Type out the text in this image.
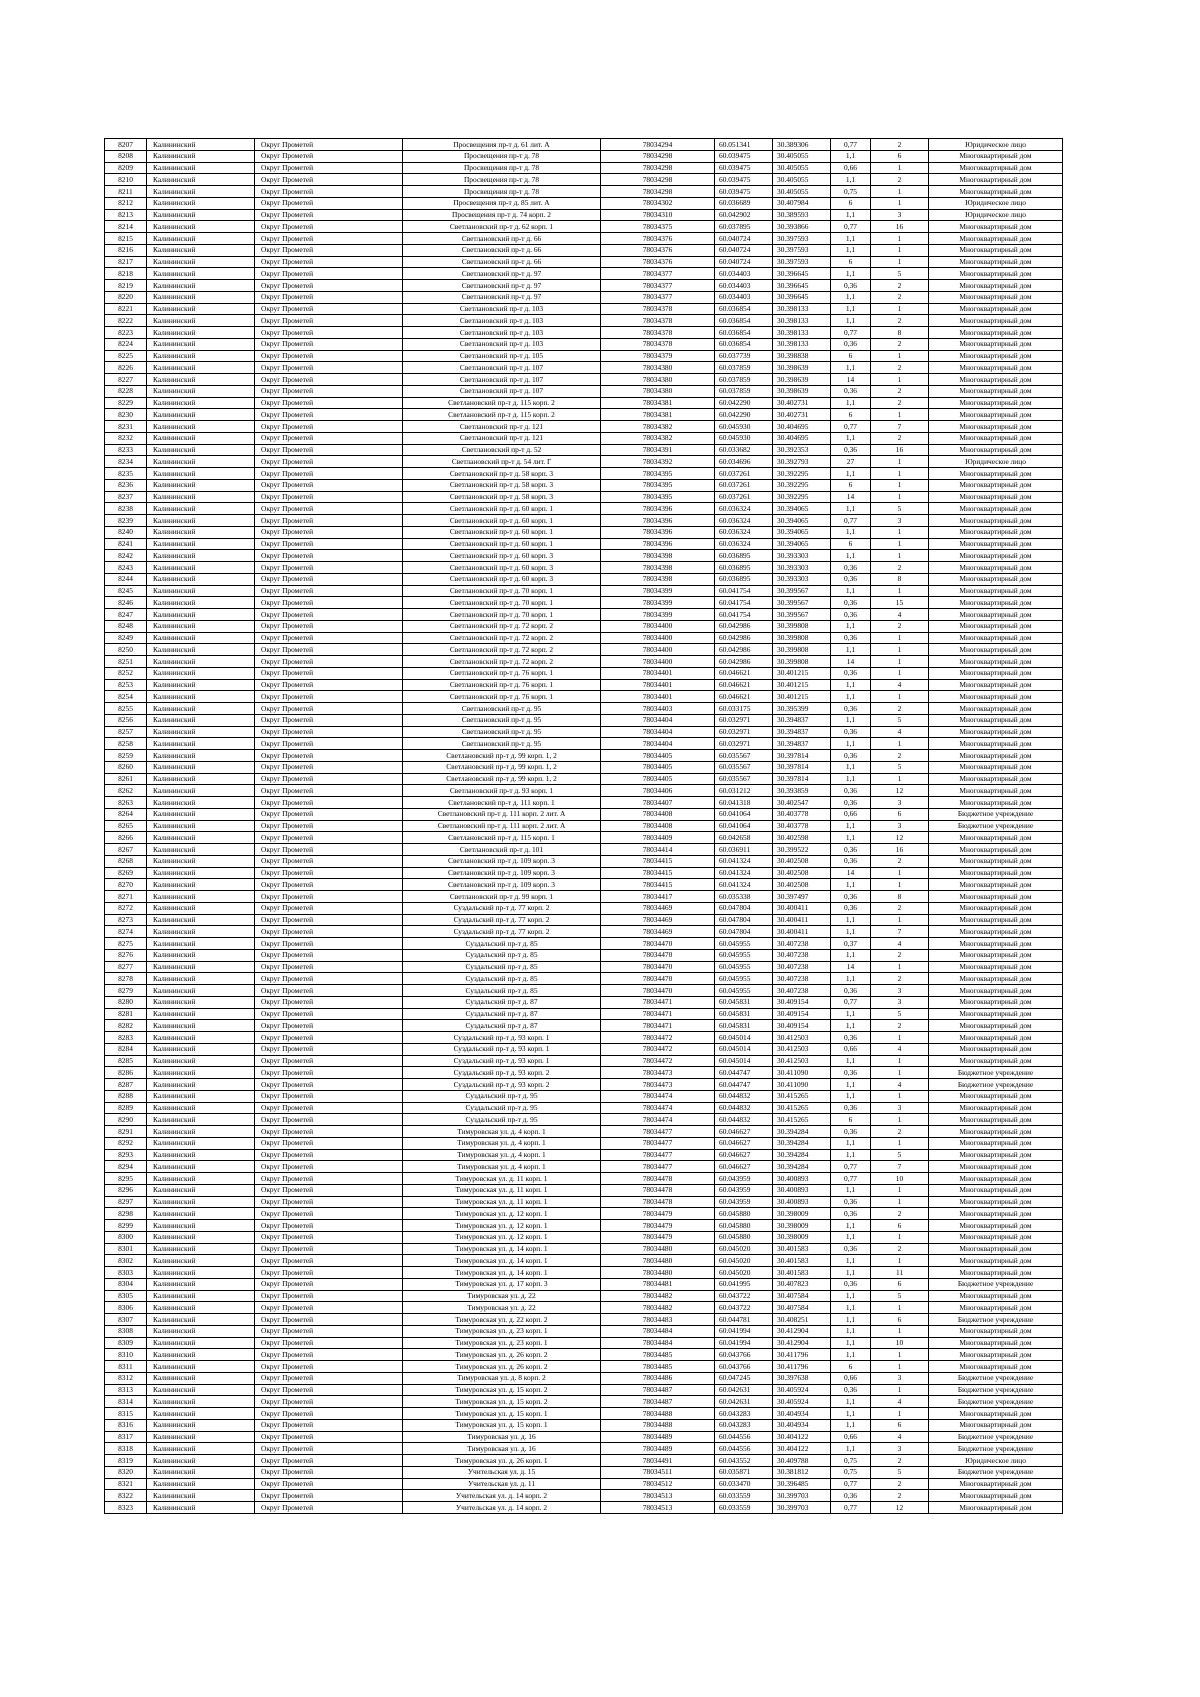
8207	Калининский	Округ Прометей	Просвещения пр-т д. 61 лит. А	78034294	60.051341	30.389306	0,77	2	Юридическое лицо
8208	Калининский	Округ Прометей	Просвещения пр-т д. 78	78034298	60.039475	30.405055	1,1	6	Многоквартирный дом
8209	Калининский	Округ Прометей	Просвещения пр-т д. 78	78034298	60.039475	30.405055	0,66	1	Многоквартирный дом
8210	Калининский	Округ Прометей	Просвещения пр-т д. 78	78034298	60.039475	30.405055	1,1	2	Многоквартирный дом
8211	Калининский	Округ Прометей	Просвещения пр-т д. 78	78034298	60.039475	30.405055	0,75	1	Многоквартирный дом
8212	Калининский	Округ Прометей	Просвещения пр-т д. 85 лит. А	78034302	60.036689	30.407984	6	1	Юридическое лицо
8213	Калининский	Округ Прометей	Просвещения пр-т д. 74 корп. 2	78034310	60.042902	30.389593	1,1	3	Юридическое лицо
8214	Калининский	Округ Прометей	Светлановский пр-т д. 62 корп. 1	78034375	60.037895	30.393866	0,77	16	Многоквартирный дом
8215	Калининский	Округ Прометей	Светлановский пр-т д. 66	78034376	60.040724	30.397593	1,1	1	Многоквартирный дом
8216	Калининский	Округ Прометей	Светлановский пр-т д. 66	78034376	60.040724	30.397593	1,1	1	Многоквартирный дом
8217	Калининский	Округ Прометей	Светлановский пр-т д. 66	78034376	60.040724	30.397593	6	1	Многоквартирный дом
8218	Калининский	Округ Прометей	Светлановский пр-т д. 97	78034377	60.034403	30.396645	1,1	5	Многоквартирный дом
8219	Калининский	Округ Прометей	Светлановский пр-т д. 97	78034377	60.034403	30.396645	0,36	2	Многоквартирный дом
8220	Калининский	Округ Прометей	Светлановский пр-т д. 97	78034377	60.034403	30.396645	1,1	2	Многоквартирный дом
8221	Калининский	Округ Прометей	Светлановский пр-т д. 103	78034378	60.036854	30.398133	1,1	1	Многоквартирный дом
8222	Калининский	Округ Прометей	Светлановский пр-т д. 103	78034378	60.036854	30.398133	1,1	2	Многоквартирный дом
8223	Калининский	Округ Прометей	Светлановский пр-т д. 103	78034378	60.036854	30.398133	0,77	8	Многоквартирный дом
8224	Калининский	Округ Прометей	Светлановский пр-т д. 103	78034378	60.036854	30.398133	0,36	2	Многоквартирный дом
8225	Калининский	Округ Прометей	Светлановский пр-т д. 105	78034379	60.037739	30.398838	6	1	Многоквартирный дом
8226	Калининский	Округ Прометей	Светлановский пр-т д. 107	78034380	60.037859	30.398639	1,1	2	Многоквартирный дом
8227	Калининский	Округ Прометей	Светлановский пр-т д. 107	78034380	60.037859	30.398639	14	1	Многоквартирный дом
8228	Калининский	Округ Прометей	Светлановский пр-т д. 107	78034380	60.037859	30.398639	0,36	2	Многоквартирный дом
8229	Калининский	Округ Прометей	Светлановский пр-т д. 115 корп. 2	78034381	60.042290	30.402731	1,1	2	Многоквартирный дом
8230	Калининский	Округ Прометей	Светлановский пр-т д. 115 корп. 2	78034381	60.042290	30.402731	6	1	Многоквартирный дом
8231	Калининский	Округ Прометей	Светлановский пр-т д. 121	78034382	60.045930	30.404695	0,77	7	Многоквартирный дом
8232	Калининский	Округ Прометей	Светлановский пр-т д. 121	78034382	60.045930	30.404695	1,1	2	Многоквартирный дом
8233	Калининский	Округ Прометей	Светлановский пр-т д. 52	78034391	60.033682	30.392353	0,36	16	Многоквартирный дом
8234	Калининский	Округ Прометей	Светлановский пр-т д. 54 лит. Г	78034392	60.034696	30.392793	27	1	Юридическое лицо
8235	Калининский	Округ Прометей	Светлановский пр-т д. 58 корп. 3	78034395	60.037261	30.392295	1,1	1	Многоквартирный дом
8236	Калининский	Округ Прометей	Светлановский пр-т д. 58 корп. 3	78034395	60.037261	30.392295	6	1	Многоквартирный дом
8237	Калининский	Округ Прометей	Светлановский пр-т д. 58 корп. 3	78034395	60.037261	30.392295	14	1	Многоквартирный дом
8238	Калининский	Округ Прометей	Светлановский пр-т д. 60 корп. 1	78034396	60.036324	30.394065	1,1	5	Многоквартирный дом
8239	Калининский	Округ Прометей	Светлановский пр-т д. 60 корп. 1	78034396	60.036324	30.394065	0,77	3	Многоквартирный дом
8240	Калининский	Округ Прометей	Светлановский пр-т д. 60 корп. 1	78034396	60.036324	30.394065	1,1	1	Многоквартирный дом
8241	Калининский	Округ Прометей	Светлановский пр-т д. 60 корп. 1	78034396	60.036324	30.394065	6	1	Многоквартирный дом
8242	Калининский	Округ Прометей	Светлановский пр-т д. 60 корп. 3	78034398	60.036895	30.393303	1,1	1	Многоквартирный дом
8243	Калининский	Округ Прометей	Светлановский пр-т д. 60 корп. 3	78034398	60.036895	30.393303	0,36	2	Многоквартирный дом
8244	Калининский	Округ Прометей	Светлановский пр-т д. 60 корп. 3	78034398	60.036895	30.393303	0,36	8	Многоквартирный дом
8245	Калининский	Округ Прометей	Светлановский пр-т д. 70 корп. 1	78034399	60.041754	30.399567	1,1	1	Многоквартирный дом
8246	Калининский	Округ Прометей	Светлановский пр-т д. 70 корп. 1	78034399	60.041754	30.399567	0,36	15	Многоквартирный дом
8247	Калининский	Округ Прометей	Светлановский пр-т д. 70 корп. 1	78034399	60.041754	30.399567	0,36	4	Многоквартирный дом
8248	Калининский	Округ Прометей	Светлановский пр-т д. 72 корп. 2	78034400	60.042986	30.399808	1,1	2	Многоквартирный дом
8249	Калининский	Округ Прометей	Светлановский пр-т д. 72 корп. 2	78034400	60.042986	30.399808	0,36	1	Многоквартирный дом
8250	Калининский	Округ Прометей	Светлановский пр-т д. 72 корп. 2	78034400	60.042986	30.399808	1,1	1	Многоквартирный дом
8251	Калининский	Округ Прометей	Светлановский пр-т д. 72 корп. 2	78034400	60.042986	30.399808	14	1	Многоквартирный дом
8252	Калининский	Округ Прометей	Светлановский пр-т д. 76 корп. 1	78034401	60.046621	30.401215	0,36	1	Многоквартирный дом
8253	Калининский	Округ Прометей	Светлановский пр-т д. 76 корп. 1	78034401	60.046621	30.401215	1,1	4	Многоквартирный дом
8254	Калининский	Округ Прометей	Светлановский пр-т д. 76 корп. 1	78034401	60.046621	30.401215	1,1	1	Многоквартирный дом
8255	Калининский	Округ Прометей	Светлановский пр-т д. 95	78034403	60.033175	30.395399	0,36	2	Многоквартирный дом
8256	Калининский	Округ Прометей	Светлановский пр-т д. 95	78034404	60.032971	30.394837	1,1	5	Многоквартирный дом
8257	Калининский	Округ Прометей	Светлановский пр-т д. 95	78034404	60.032971	30.394837	0,36	4	Многоквартирный дом
8258	Калининский	Округ Прометей	Светлановский пр-т д. 95	78034404	60.032971	30.394837	1,1	1	Многоквартирный дом
8259	Калининский	Округ Прометей	Светлановский пр-т д. 99 корп. 1, 2	78034405	60.035567	30.397814	0,36	2	Многоквартирный дом
8260	Калининский	Округ Прометей	Светлановский пр-т д. 99 корп. 1, 2	78034405	60.035567	30.397814	1,1	5	Многоквартирный дом
8261	Калининский	Округ Прометей	Светлановский пр-т д. 99 корп. 1, 2	78034405	60.035567	30.397814	1,1	1	Многоквартирный дом
8262	Калининский	Округ Прометей	Светлановский пр-т д. 93 корп. 1	78034406	60.031212	30.393859	0,36	12	Многоквартирный дом
8263	Калининский	Округ Прометей	Светлановский пр-т д. 111 корп. 1	78034407	60.041318	30.402547	0,36	3	Многоквартирный дом
8264	Калининский	Округ Прометей	Светлановский пр-т д. 111 корп. 2 лит. А	78034408	60.041064	30.403778	0,66	6	Бюджетное учреждение
8265	Калининский	Округ Прометей	Светлановский пр-т д. 111 корп. 2 лит. А	78034408	60.041064	30.403778	1,1	3	Бюджетное учреждение
8266	Калининский	Округ Прометей	Светлановский пр-т д. 115 корп. 1	78034409	60.042658	30.402598	1,1	12	Многоквартирный дом
8267	Калининский	Округ Прометей	Светлановский пр-т д. 101	78034414	60.036911	30.399522	0,36	16	Многоквартирный дом
8268	Калининский	Округ Прометей	Светлановский пр-т д. 109 корп. 3	78034415	60.041324	30.402508	0,36	2	Многоквартирный дом
8269	Калининский	Округ Прометей	Светлановский пр-т д. 109 корп. 3	78034415	60.041324	30.402508	14	1	Многоквартирный дом
8270	Калининский	Округ Прометей	Светлановский пр-т д. 109 корп. 3	78034415	60.041324	30.402508	1,1	1	Многоквартирный дом
8271	Калининский	Округ Прометей	Светлановский пр-т д. 99 корп. 1	78034417	60.035338	30.397497	0,36	8	Многоквартирный дом
8272	Калининский	Округ Прометей	Суздальский пр-т д. 77 корп. 2	78034469	60.047804	30.400411	0,36	2	Многоквартирный дом
8273	Калининский	Округ Прометей	Суздальский пр-т д. 77 корп. 2	78034469	60.047804	30.400411	1,1	1	Многоквартирный дом
8274	Калининский	Округ Прометей	Суздальский пр-т д. 77 корп. 2	78034469	60.047804	30.400411	1,1	7	Многоквартирный дом
8275	Калининский	Округ Прометей	Суздальский пр-т д. 85	78034470	60.045955	30.407238	0,37	4	Многоквартирный дом
8276	Калининский	Округ Прометей	Суздальский пр-т д. 85	78034470	60.045955	30.407238	1,1	2	Многоквартирный дом
8277	Калининский	Округ Прометей	Суздальский пр-т д. 85	78034470	60.045955	30.407238	14	1	Многоквартирный дом
8278	Калининский	Округ Прометей	Суздальский пр-т д. 85	78034470	60.045955	30.407238	1,1	2	Многоквартирный дом
8279	Калининский	Округ Прометей	Суздальский пр-т д. 85	78034470	60.045955	30.407238	0,36	3	Многоквартирный дом
8280	Калининский	Округ Прометей	Суздальский пр-т д. 87	78034471	60.045831	30.409154	0,77	3	Многоквартирный дом
8281	Калининский	Округ Прометей	Суздальский пр-т д. 87	78034471	60.045831	30.409154	1,1	5	Многоквартирный дом
8282	Калининский	Округ Прометей	Суздальский пр-т д. 87	78034471	60.045831	30.409154	1,1	2	Многоквартирный дом
8283	Калининский	Округ Прометей	Суздальский пр-т д. 93 корп. 1	78034472	60.045014	30.412503	0,36	1	Многоквартирный дом
8284	Калининский	Округ Прометей	Суздальский пр-т д. 93 корп. 1	78034472	60.045014	30.412503	0,66	4	Многоквартирный дом
8285	Калининский	Округ Прометей	Суздальский пр-т д. 93 корп. 1	78034472	60.045014	30.412503	1,1	1	Многоквартирный дом
8286	Калининский	Округ Прометей	Суздальский пр-т д. 93 корп. 2	78034473	60.044747	30.411090	0,36	1	Бюджетное учреждение
8287	Калининский	Округ Прометей	Суздальский пр-т д. 93 корп. 2	78034473	60.044747	30.411090	1,1	4	Бюджетное учреждение
8288	Калининский	Округ Прометей	Суздальский пр-т д. 95	78034474	60.044832	30.415265	1,1	1	Многоквартирный дом
8289	Калининский	Округ Прометей	Суздальский пр-т д. 95	78034474	60.044832	30.415265	0,36	3	Многоквартирный дом
8290	Калининский	Округ Прометей	Суздальский пр-т д. 95	78034474	60.044832	30.415265	6	1	Многоквартирный дом
8291	Калининский	Округ Прометей	Тимуровская ул. д. 4 корп. 1	78034477	60.046627	30.394284	0,36	2	Многоквартирный дом
8292	Калининский	Округ Прометей	Тимуровская ул. д. 4 корп. 1	78034477	60.046627	30.394284	1,1	1	Многоквартирный дом
8293	Калининский	Округ Прометей	Тимуровская ул. д. 4 корп. 1	78034477	60.046627	30.394284	1,1	5	Многоквартирный дом
8294	Калининский	Округ Прометей	Тимуровская ул. д. 4 корп. 1	78034477	60.046627	30.394284	0,77	7	Многоквартирный дом
8295	Калининский	Округ Прометей	Тимуровская ул. д. 11 корп. 1	78034478	60.043959	30.400893	0,77	10	Многоквартирный дом
8296	Калининский	Округ Прометей	Тимуровская ул. д. 11 корп. 1	78034478	60.043959	30.400893	1,1	1	Многоквартирный дом
8297	Калининский	Округ Прометей	Тимуровская ул. д. 11 корп. 1	78034478	60.043959	30.400893	0,36	1	Многоквартирный дом
8298	Калининский	Округ Прометей	Тимуровская ул. д. 12 корп. 1	78034479	60.045880	30.398009	0,36	2	Многоквартирный дом
8299	Калининский	Округ Прометей	Тимуровская ул. д. 12 корп. 1	78034479	60.045880	30.398009	1,1	6	Многоквартирный дом
8300	Калининский	Округ Прометей	Тимуровская ул. д. 12 корп. 1	78034479	60.045880	30.398009	1,1	1	Многоквартирный дом
8301	Калининский	Округ Прометей	Тимуровская ул. д. 14 корп. 1	78034480	60.045020	30.401583	0,36	2	Многоквартирный дом
8302	Калининский	Округ Прометей	Тимуровская ул. д. 14 корп. 1	78034480	60.045020	30.401583	1,1	1	Многоквартирный дом
8303	Калининский	Округ Прометей	Тимуровская ул. д. 14 корп. 1	78034480	60.045020	30.401583	1,1	11	Многоквартирный дом
8304	Калининский	Округ Прометей	Тимуровская ул. д. 17 корп. 3	78034481	60.041995	30.407823	0,36	6	Бюджетное учреждение
8305	Калининский	Округ Прометей	Тимуровская ул. д. 22	78034482	60.043722	30.407584	1,1	5	Многоквартирный дом
8306	Калининский	Округ Прометей	Тимуровская ул. д. 22	78034482	60.043722	30.407584	1,1	1	Многоквартирный дом
8307	Калининский	Округ Прометей	Тимуровская ул. д. 22 корп. 2	78034483	60.044781	30.408251	1,1	6	Бюджетное учреждение
8308	Калининский	Округ Прометей	Тимуровская ул. д. 23 корп. 1	78034484	60.041994	30.412904	1,1	1	Многоквартирный дом
8309	Калининский	Округ Прометей	Тимуровская ул. д. 23 корп. 1	78034484	60.041994	30.412904	1,1	10	Многоквартирный дом
8310	Калининский	Округ Прометей	Тимуровская ул. д. 26 корп. 2	78034485	60.043766	30.411796	1,1	1	Многоквартирный дом
8311	Калининский	Округ Прометей	Тимуровская ул. д. 26 корп. 2	78034485	60.043766	30.411796	6	1	Многоквартирный дом
8312	Калининский	Округ Прометей	Тимуровская ул. д. 8 корп. 2	78034486	60.047245	30.397638	0,66	3	Бюджетное учреждение
8313	Калининский	Округ Прометей	Тимуровская ул. д. 15 корп. 2	78034487	60.042631	30.405924	0,36	1	Бюджетное учреждение
8314	Калининский	Округ Прометей	Тимуровская ул. д. 15 корп. 2	78034487	60.042631	30.405924	1,1	4	Бюджетное учреждение
8315	Калининский	Округ Прометей	Тимуровская ул. д. 15 корп. 1	78034488	60.043283	30.404934	1,1	1	Многоквартирный дом
8316	Калининский	Округ Прометей	Тимуровская ул. д. 15 корп. 1	78034488	60.043283	30.404934	1,1	6	Многоквартирный дом
8317	Калининский	Округ Прометей	Тимуровская ул. д. 16	78034489	60.044556	30.404122	0,66	4	Бюджетное учреждение
8318	Калининский	Округ Прометей	Тимуровская ул. д. 16	78034489	60.044556	30.404122	1,1	3	Бюджетное учреждение
8319	Калининский	Округ Прометей	Тимуровская ул. д. 26 корп. 1	78034491	60.043552	30.409788	0,75	2	Юридическое лицо
8320	Калининский	Округ Прометей	Учительская ул. д. 15	78034511	60.035871	30.381812	0,75	5	Бюджетное учреждение
8321	Калининский	Округ Прометей	Учительская ул. д. 11	78034512	60.033470	30.396485	0,77	2	Многоквартирный дом
8322	Калининский	Округ Прометей	Учительская ул. д. 14 корп. 2	78034513	60.033559	30.399703	0,36	2	Многоквартирный дом
8323	Калининский	Округ Прометей	Учительская ул. д. 14 корп. 2	78034513	60.033559	30.399703	0,77	12	Многоквартирный дом
